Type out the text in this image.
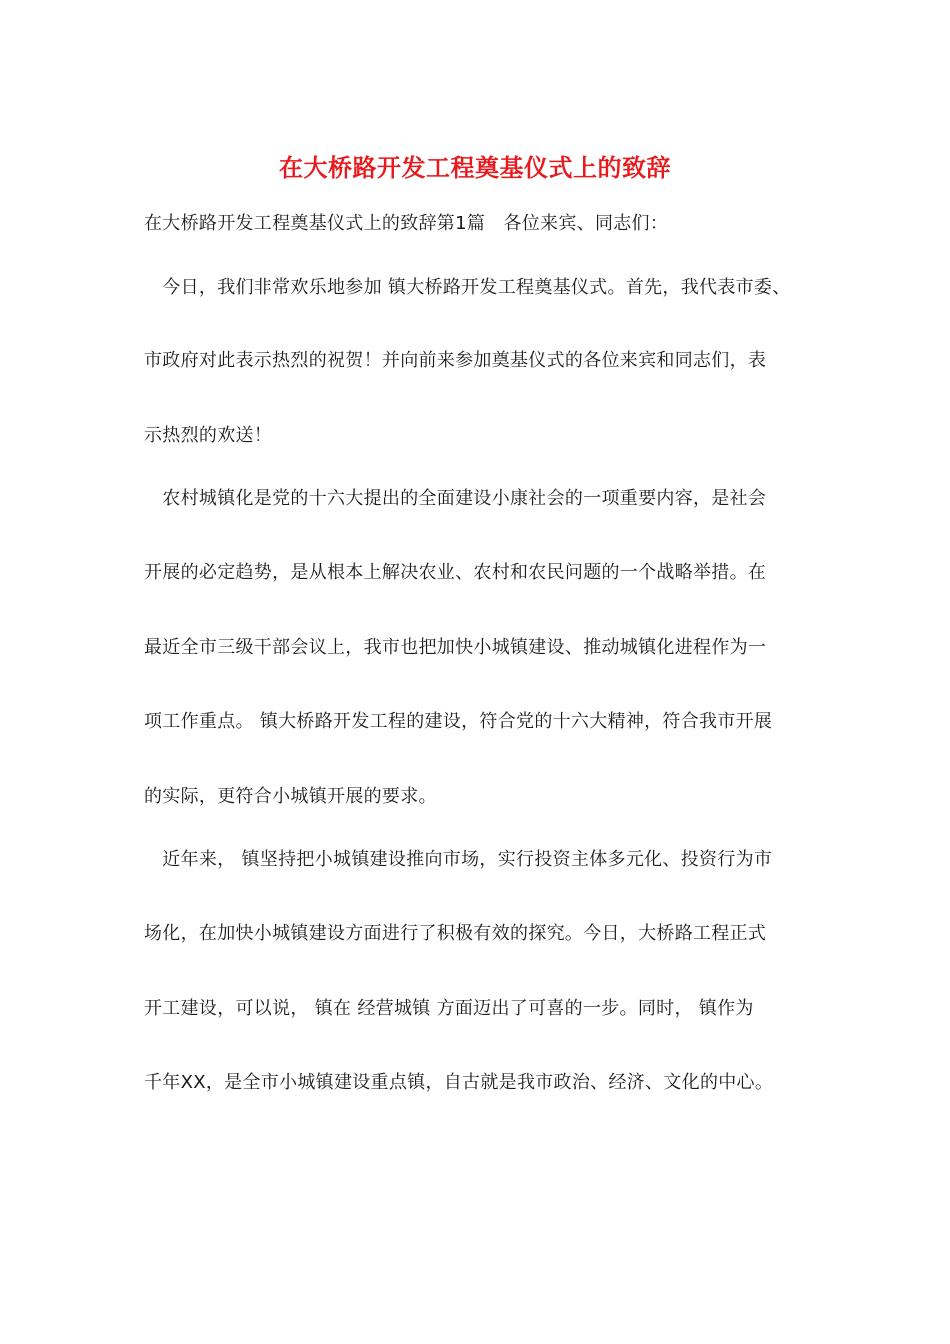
在大桥路开发工程奠基仪式上的致辞
在大桥路开发工程奠基仪式上的致辞第1篇　各位来宾、同志们：
　今日，我们非常欢乐地参加 镇大桥路开发工程奠基仪式。首先，我代表市委、
市政府对此表示热烈的祝贺！并向前来参加奠基仪式的各位来宾和同志们，表
示热烈的欢送！
　农村城镇化是党的十六大提出的全面建设小康社会的一项重要内容，是社会
开展的必定趋势，是从根本上解决农业、农村和农民问题的一个战略举措。在
最近全市三级干部会议上，我市也把加快小城镇建设、推动城镇化进程作为一
项工作重点。 镇大桥路开发工程的建设，符合党的十六大精神，符合我市开展
的实际，更符合小城镇开展的要求。
　近年来， 镇坚持把小城镇建设推向市场，实行投资主体多元化、投资行为市
场化，在加快小城镇建设方面进行了积极有效的探究。今日，大桥路工程正式
开工建设，可以说， 镇在 经营城镇 方面迈出了可喜的一步。同时， 镇作为
千年XX，是全市小城镇建设重点镇，自古就是我市政治、经济、文化的中心。
